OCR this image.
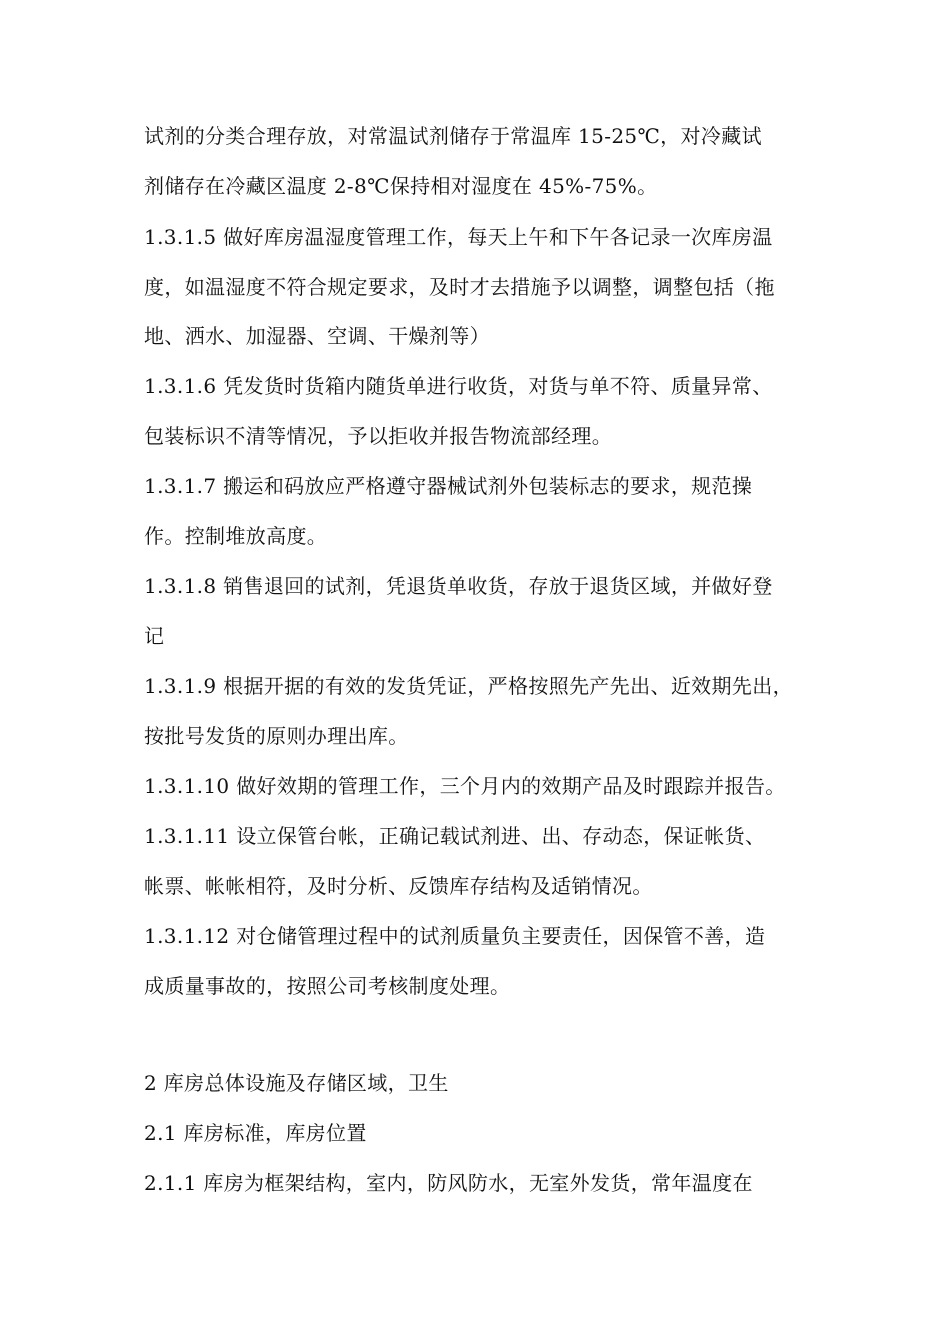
试剂的分类合理存放，对常温试剂储存于常温库 15-25℃，对冷藏试
剂储存在冷藏区温度 2-8℃保持相对湿度在 45%-75%。
1.3.1.5 做好库房温湿度管理工作，每天上午和下午各记录一次库房温
度，如温湿度不符合规定要求，及时才去措施予以调整，调整包括（拖
地、洒水、加湿器、空调、干燥剂等）
1.3.1.6 凭发货时货箱内随货单进行收货，对货与单不符、质量异常、
包装标识不清等情况，予以拒收并报告物流部经理。
1.3.1.7 搬运和码放应严格遵守器械试剂外包装标志的要求，规范操
作。控制堆放高度。
1.3.1.8 销售退回的试剂，凭退货单收货，存放于退货区域，并做好登
记
1.3.1.9 根据开据的有效的发货凭证，严格按照先产先出、近效期先出，
按批号发货的原则办理出库。
1.3.1.10 做好效期的管理工作，三个月内的效期产品及时跟踪并报告。
1.3.1.11 设立保管台帐，正确记载试剂进、出、存动态，保证帐货、
帐票、帐帐相符，及时分析、反馈库存结构及适销情况。
1.3.1.12 对仓储管理过程中的试剂质量负主要责任，因保管不善，造
成质量事故的，按照公司考核制度处理。
2 库房总体设施及存储区域，卫生
2.1 库房标准，库房位置
2.1.1 库房为框架结构，室内，防风防水，无室外发货，常年温度在
